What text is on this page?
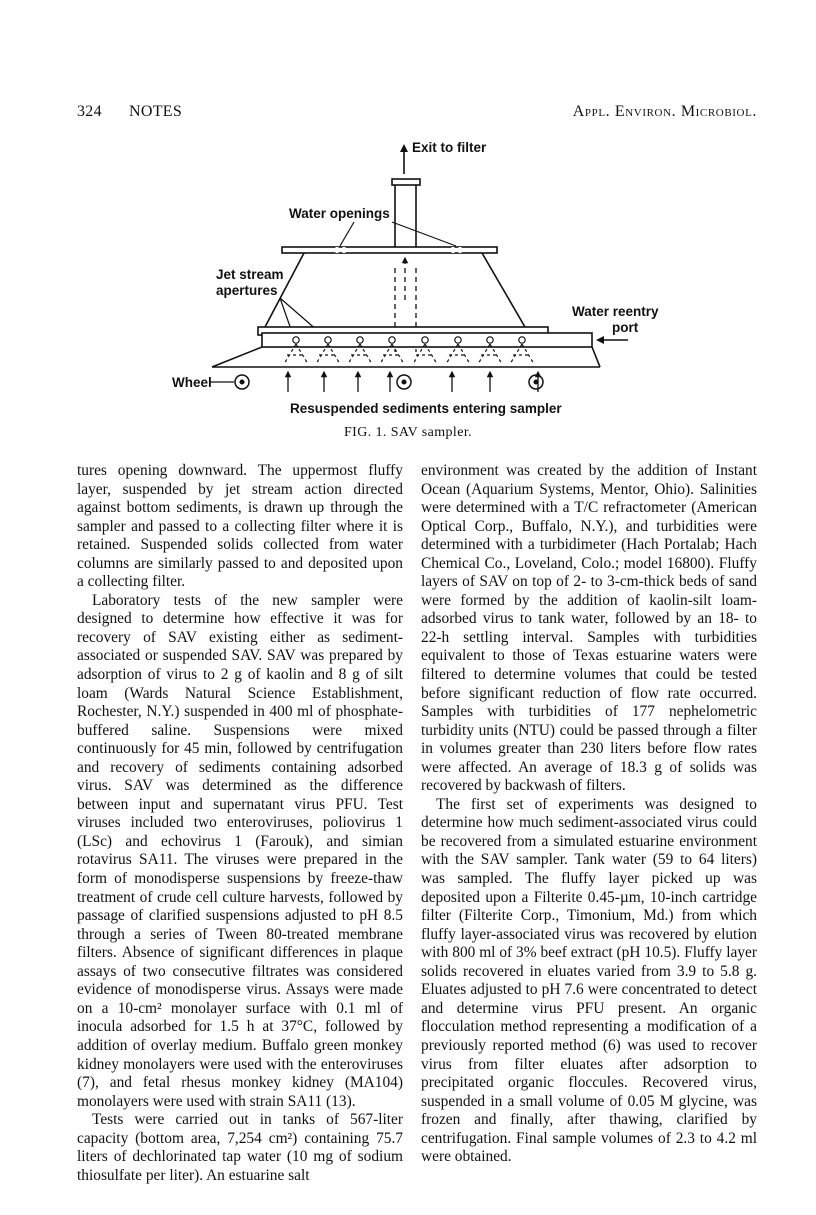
324 NOTES	Appl. Environ. Microbiol.
Exit to filter
Water openings
Jet stream
apertures
Water reentry
port
Wheel
Resuspended sediments entering sampler
FIG. 1. SAV sampler.

tures opening downward. The uppermost fluffy layer, suspended by jet stream action directed against bottom sediments, is drawn up through the sampler and passed to a collecting filter where it is retained. Suspended solids collected from water columns are similarly passed to and deposited upon a collecting filter.

Laboratory tests of the new sampler were designed to determine how effective it was for recovery of SAV existing either as sediment-associated or suspended SAV. SAV was prepared by adsorption of virus to 2 g of kaolin and 8 g of silt loam (Wards Natural Science Establishment, Rochester, N.Y.) suspended in 400 ml of phosphate-buffered saline. Suspensions were mixed continuously for 45 min, followed by centrifugation and recovery of sediments containing adsorbed virus. SAV was determined as the difference between input and supernatant virus PFU. Test viruses included two enteroviruses, poliovirus 1 (LSc) and echovirus 1 (Farouk), and simian rotavirus SA11. The viruses were prepared in the form of monodisperse suspensions by freeze-thaw treatment of crude cell culture harvests, followed by passage of clarified suspensions adjusted to pH 8.5 through a series of Tween 80-treated membrane filters. Absence of significant differences in plaque assays of two consecutive filtrates was considered evidence of monodisperse virus. Assays were made on a 10-cm² monolayer surface with 0.1 ml of inocula adsorbed for 1.5 h at 37°C, followed by addition of overlay medium. Buffalo green monkey kidney monolayers were used with the enteroviruses (7), and fetal rhesus monkey kidney (MA104) monolayers were used with strain SA11 (13).

Tests were carried out in tanks of 567-liter capacity (bottom area, 7,254 cm²) containing 75.7 liters of dechlorinated tap water (10 mg of sodium thiosulfate per liter). An estuarine salt

environment was created by the addition of Instant Ocean (Aquarium Systems, Mentor, Ohio). Salinities were determined with a T/C refractometer (American Optical Corp., Buffalo, N.Y.), and turbidities were determined with a turbidimeter (Hach Portalab; Hach Chemical Co., Loveland, Colo.; model 16800). Fluffy layers of SAV on top of 2- to 3-cm-thick beds of sand were formed by the addition of kaolin-silt loam-adsorbed virus to tank water, followed by an 18- to 22-h settling interval. Samples with turbidities equivalent to those of Texas estuarine waters were filtered to determine volumes that could be tested before significant reduction of flow rate occurred. Samples with turbidities of 177 nephelometric turbidity units (NTU) could be passed through a filter in volumes greater than 230 liters before flow rates were affected. An average of 18.3 g of solids was recovered by backwash of filters.

The first set of experiments was designed to determine how much sediment-associated virus could be recovered from a simulated estuarine environment with the SAV sampler. Tank water (59 to 64 liters) was sampled. The fluffy layer picked up was deposited upon a Filterite 0.45-µm, 10-inch cartridge filter (Filterite Corp., Timonium, Md.) from which fluffy layer-associated virus was recovered by elution with 800 ml of 3% beef extract (pH 10.5). Fluffy layer solids recovered in eluates varied from 3.9 to 5.8 g. Eluates adjusted to pH 7.6 were concentrated to detect and determine virus PFU present. An organic flocculation method representing a modification of a previously reported method (6) was used to recover virus from filter eluates after adsorption to precipitated organic floccules. Recovered virus, suspended in a small volume of 0.05 M glycine, was frozen and finally, after thawing, clarified by centrifugation. Final sample volumes of 2.3 to 4.2 ml were obtained.
